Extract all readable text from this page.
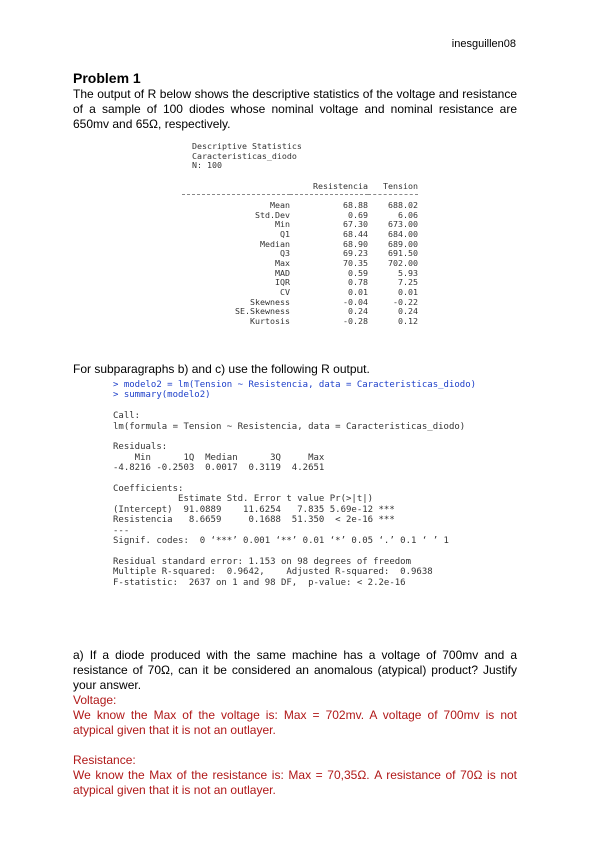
inesguillen08
Problem 1

The output of R below shows the descriptive statistics of the voltage and resistance of a sample of 100 diodes whose nominal voltage and nominal resistance are 650mv and 65Ω, respectively.

Descriptive Statistics
Caracteristicas_diodo
N: 100
	Resistencia	Tension

Mean	68.88	688.02
Std.Dev	0.69	6.06
Min	67.30	673.00
Q1	68.44	684.00
Median	68.90	689.00
Q3	69.23	691.50
Max	70.35	702.00
MAD	0.59	5.93
IQR	0.78	7.25
CV	0.01	0.01
Skewness	-0.04	-0.22
SE.Skewness	0.24	0.24
Kurtosis	-0.28	0.12
For subparagraphs b) and c) use the following R output.
> modelo2 = lm(Tension ~ Resistencia, data = Caracteristicas_diodo)
> summary(modelo2)

Call:
lm(formula = Tension ~ Resistencia, data = Caracteristicas_diodo)

Residuals:
Min      1Q  Median      3Q     Max
-4.8216 -0.2503  0.0017  0.3119  4.2651

Coefficients:
Estimate Std. Error t value Pr(>|t|)
(Intercept)  91.0889    11.6254   7.835 5.69e-12 ***
Resistencia   8.6659     0.1688  51.350  < 2e-16 ***
---
Signif. codes:  0 ‘***’ 0.001 ‘**’ 0.01 ‘*’ 0.05 ‘.’ 0.1 ‘ ’ 1

Residual standard error: 1.153 on 98 degrees of freedom
Multiple R-squared:  0.9642,	Adjusted R-squared:  0.9638
F-statistic:  2637 on 1 and 98 DF,  p-value: < 2.2e-16

a) If a diode produced with the same machine has a voltage of 700mv and a resistance of 70Ω, can it be considered an anomalous (atypical) product? Justify your answer.

Voltage:

We know the Max of the voltage is: Max = 702mv. A voltage of 700mv is not atypical given that it is not an outlayer.

Resistance:

We know the Max of the resistance is: Max = 70,35Ω. A resistance of 70Ω is not atypical given that it is not an outlayer.
